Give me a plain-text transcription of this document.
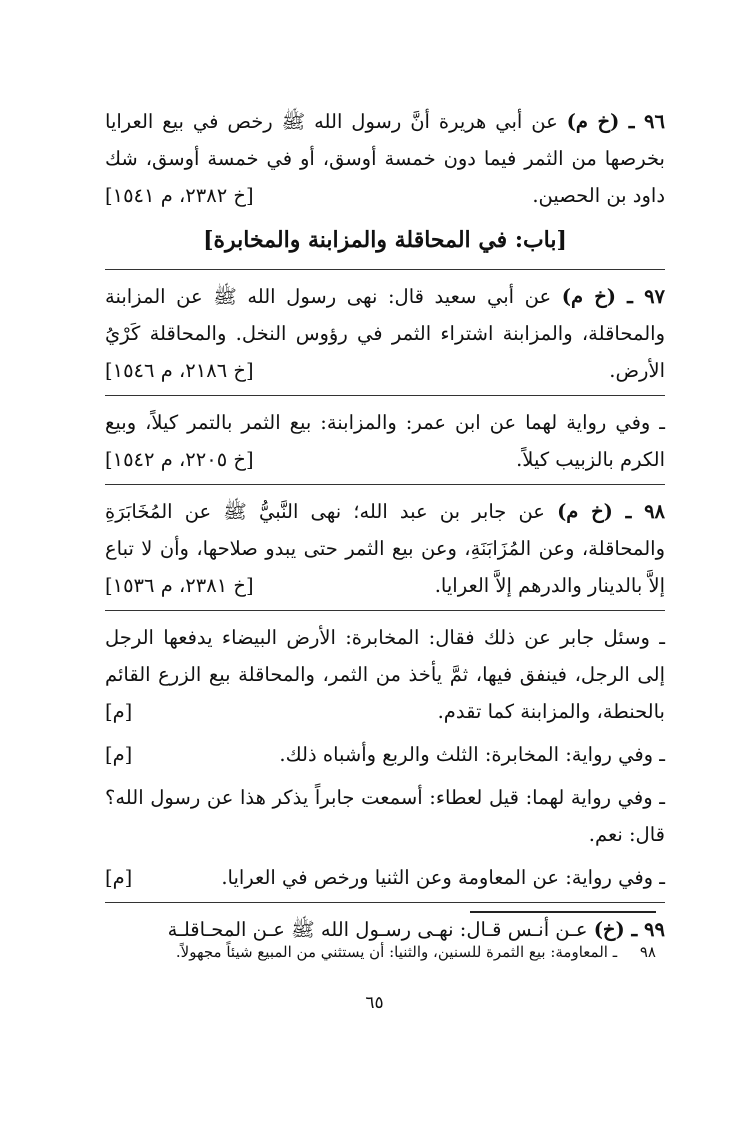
٩٦ ـ (خ م) عن أبي هريرة أنَّ رسول الله ﷺ رخص في بيع العرايا بخرصها من الثمر فيما دون خمسة أوسق، أو في خمسة أوسق، شك داود بن الحصين.
[خ ٢٣٨٢، م ١٥٤١]

[باب: في المحاقلة والمزابنة والمخابرة]

٩٧ ـ (خ م) عن أبي سعيد قال: نهى رسول الله ﷺ عن المزابنة والمحاقلة، والمزابنة اشتراء الثمر في رؤوس النخل. والمحاقلة كَرْيُ الأرض.
[خ ٢١٨٦، م ١٥٤٦]

ـ وفي رواية لهما عن ابن عمر: والمزابنة: بيع الثمر بالتمر كيلاً، وبيع الكرم بالزبيب كيلاً.
[خ ٢٢٠٥، م ١٥٤٢]

٩٨ ـ (خ م) عن جابر بن عبد الله؛ نهى النَّبيُّ ﷺ عن المُخَابَرَةِ والمحاقلة، وعن المُزَابَنَةِ، وعن بيع الثمر حتى يبدو صلاحها، وأن لا تباع إلاَّ بالدينار والدرهم إلاَّ العرايا.
[خ ٢٣٨١، م ١٥٣٦]

ـ وسئل جابر عن ذلك فقال: المخابرة: الأرض البيضاء يدفعها الرجل إلى الرجل، فينفق فيها، ثمَّ يأخذ من الثمر، والمحاقلة بيع الزرع القائم بالحنطة، والمزابنة كما تقدم.
[م]

ـ وفي رواية: المخابرة: الثلث والربع وأشباه ذلك.
[م]

ـ وفي رواية لهما: قيل لعطاء: أسمعت جابراً يذكر هذا عن رسول الله؟ قال: نعم.

ـ وفي رواية: عن المعاومة وعن الثنيا ورخص في العرايا.
[م]

٩٩ ـ (خ) عـن أنـس قـال: نهـى رسـول الله ﷺ عـن المحـاقلـة

٩٨ ـ المعاومة: بيع الثمرة للسنين، والثنيا: أن يستثني من المبيع شيئاً مجهولاً.
٦٥
